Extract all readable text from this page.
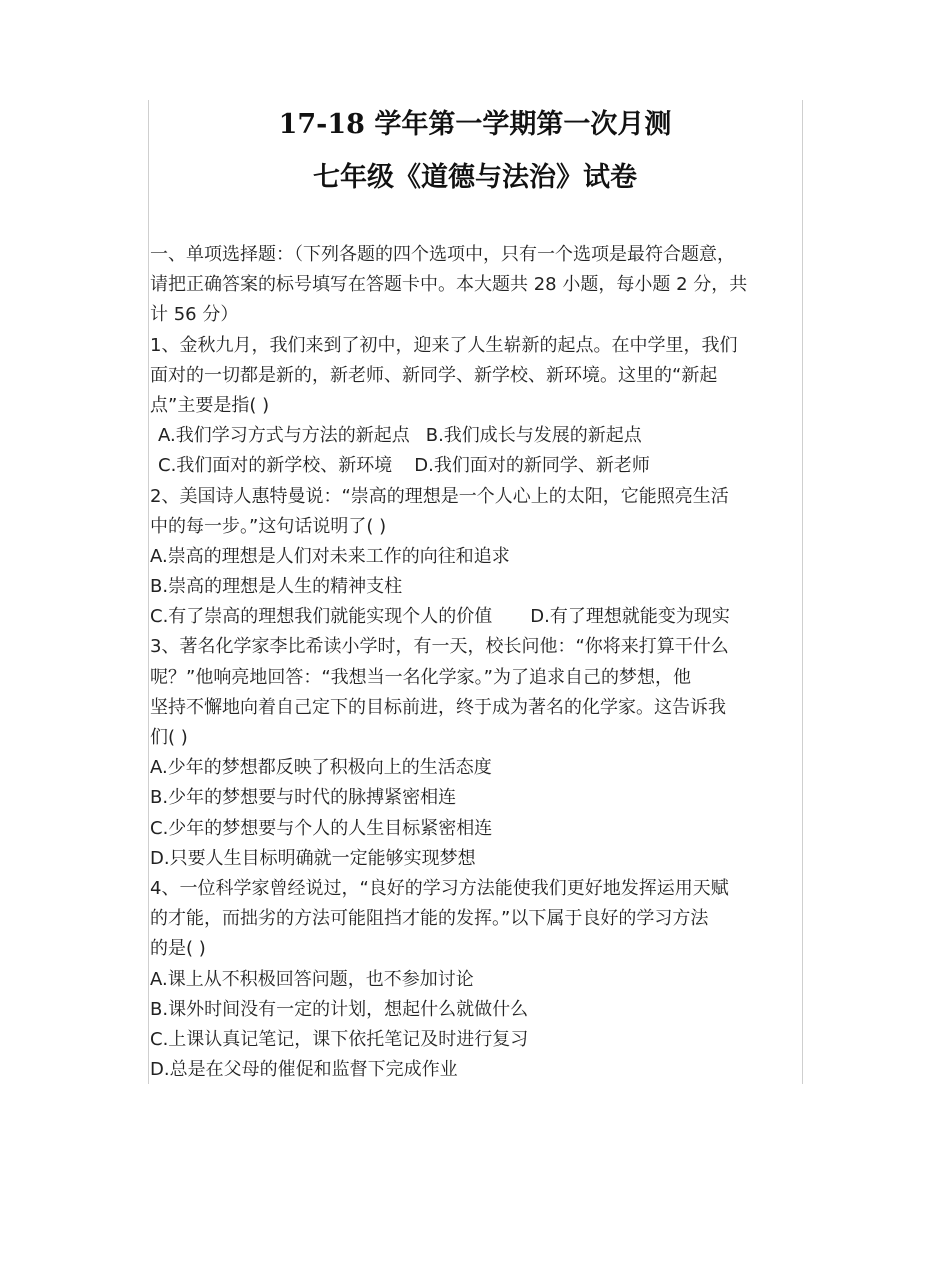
17-18 学年第一学期第一次月测
七年级《道德与法治》试卷
一、单项选择题：（下列各题的四个选项中，只有一个选项是最符合题意，
请把正确答案的标号填写在答题卡中。本大题共 28 小题，每小题 2 分，共
计 56 分）
1、金秋九月，我们来到了初中，迎来了人生崭新的起点。在中学里，我们
面对的一切都是新的，新老师、新同学、新学校、新环境。这里的“新起
点”主要是指( )
A.我们学习方式与方法的新起点 B.我们成长与发展的新起点
C.我们面对的新学校、新环境 D.我们面对的新同学、新老师
2、美国诗人惠特曼说：“崇高的理想是一个人心上的太阳，它能照亮生活
中的每一步。”这句话说明了( )
A.崇高的理想是人们对未来工作的向往和追求
B.崇高的理想是人生的精神支柱
C.有了崇高的理想我们就能实现个人的价值 D.有了理想就能变为现实
3、著名化学家李比希读小学时，有一天，校长问他：“你将来打算干什么
呢？”他响亮地回答：“我想当一名化学家。”为了追求自己的梦想，他
坚持不懈地向着自己定下的目标前进，终于成为著名的化学家。这告诉我
们( )
A.少年的梦想都反映了积极向上的生活态度
B.少年的梦想要与时代的脉搏紧密相连
C.少年的梦想要与个人的人生目标紧密相连
D.只要人生目标明确就一定能够实现梦想
4、一位科学家曾经说过，“良好的学习方法能使我们更好地发挥运用天赋
的才能，而拙劣的方法可能阻挡才能的发挥。”以下属于良好的学习方法
的是( )
A.课上从不积极回答问题，也不参加讨论
B.课外时间没有一定的计划，想起什么就做什么
C.上课认真记笔记，课下依托笔记及时进行复习
D.总是在父母的催促和监督下完成作业
